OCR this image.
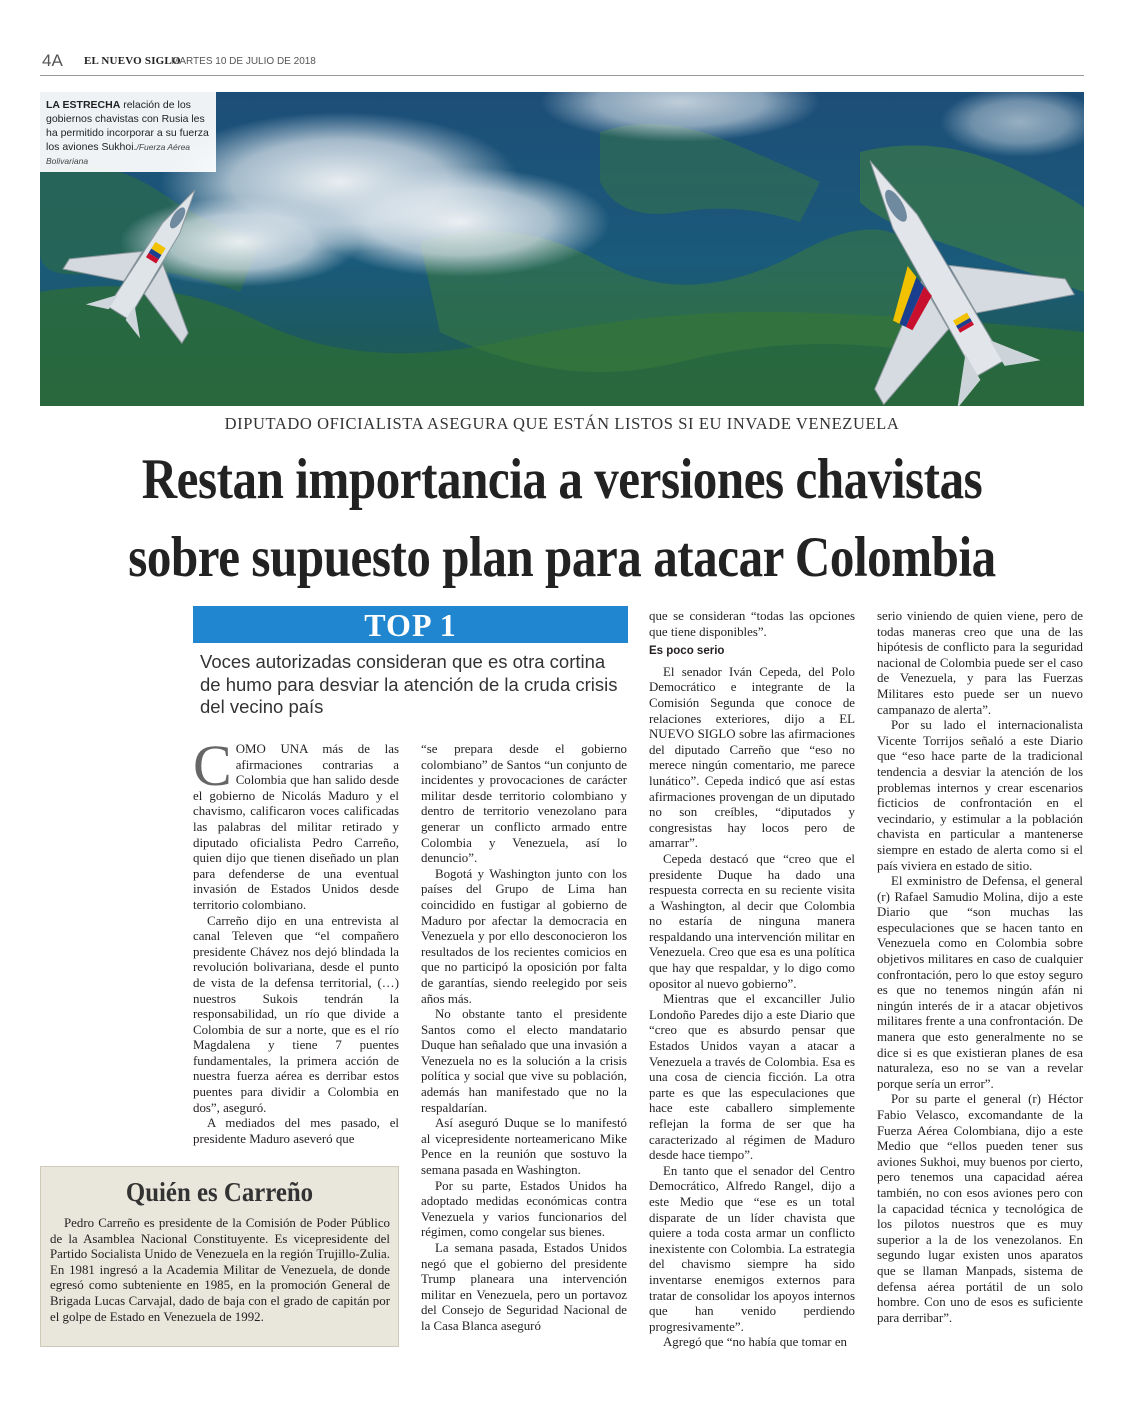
4A EL NUEVO SIGLO
MARTES 10 DE JULIO DE 2018
LA ESTRECHA relación de los gobiernos chavistas con Rusia les ha permitido incorporar a su fuerza los aviones Sukhoi./Fuerza Aérea Bolivariana
DIPUTADO OFICIALISTA ASEGURA QUE ESTÁN LISTOS SI EU INVADE VENEZUELA
Restan importancia a versiones chavistas
sobre supuesto plan para atacar Colombia
TOP 1
Voces autorizadas consideran que es otra cortina de humo para desviar la atención de la cruda crisis del vecino país

COMO UNA más de las afirmaciones contrarias a Colombia que han salido desde el gobierno de Nicolás Maduro y el chavismo, calificaron voces calificadas las palabras del militar retirado y diputado oficialista Pedro Carreño, quien dijo que tienen diseñado un plan para defenderse de una eventual invasión de Estados Unidos desde territorio colombiano.

Carreño dijo en una entrevista al canal Televen que “el compañero presidente Chávez nos dejó blindada la revolución bolivariana, desde el punto de vista de la defensa territorial, (…) nuestros Sukois tendrán la responsabilidad, un río que divide a Colombia de sur a norte, que es el río Magdalena y tiene 7 puentes fundamentales, la primera acción de nuestra fuerza aérea es derribar estos puentes para dividir a Colombia en dos”, aseguró.

A mediados del mes pasado, el presidente Maduro aseveró que

“se prepara desde el gobierno colombiano” de Santos “un conjunto de incidentes y provocaciones de carácter militar desde territorio colombiano y dentro de territorio venezolano para generar un conflicto armado entre Colombia y Venezuela, así lo denuncio”.

Bogotá y Washington junto con los países del Grupo de Lima han coincidido en fustigar al gobierno de Maduro por afectar la democracia en Venezuela y por ello desconocieron los resultados de los recientes comicios en que no participó la oposición por falta de garantías, siendo reelegido por seis años más.

No obstante tanto el presidente Santos como el electo mandatario Duque han señalado que una invasión a Venezuela no es la solución a la crisis política y social que vive su población, además han manifestado que no la respaldarían.

Así aseguró Duque se lo manifestó al vicepresidente norteamericano Mike Pence en la reunión que sostuvo la semana pasada en Washington.

Por su parte, Estados Unidos ha adoptado medidas económicas contra Venezuela y varios funcionarios del régimen, como congelar sus bienes.

La semana pasada, Estados Unidos negó que el gobierno del presidente Trump planeara una intervención militar en Venezuela, pero un portavoz del Consejo de Seguridad Nacional de la Casa Blanca aseguró

que se consideran “todas las opciones que tiene disponibles”.

Es poco serio

El senador Iván Cepeda, del Polo Democrático e integrante de la Comisión Segunda que conoce de relaciones exteriores, dijo a EL NUEVO SIGLO sobre las afirmaciones del diputado Carreño que “eso no merece ningún comentario, me parece lunático”. Cepeda indicó que así estas afirmaciones provengan de un diputado no son creíbles, “diputados y congresistas hay locos pero de amarrar”.

Cepeda destacó que “creo que el presidente Duque ha dado una respuesta correcta en su reciente visita a Washington, al decir que Colombia no estaría de ninguna manera respaldando una intervención militar en Venezuela. Creo que esa es una política que hay que respaldar, y lo digo como opositor al nuevo gobierno”.

Mientras que el excanciller Julio Londoño Paredes dijo a este Diario que “creo que es absurdo pensar que Estados Unidos vayan a atacar a Venezuela a través de Colombia. Esa es una cosa de ciencia ficción. La otra parte es que las especulaciones que hace este caballero simplemente reflejan la forma de ser que ha caracterizado al régimen de Maduro desde hace tiempo”.

En tanto que el senador del Centro Democrático, Alfredo Rangel, dijo a este Medio que “ese es un total disparate de un líder chavista que quiere a toda costa armar un conflicto inexistente con Colombia. La estrategia del chavismo siempre ha sido inventarse enemigos externos para tratar de consolidar los apoyos internos que han venido perdiendo progresivamente”.

Agregó que “no había que tomar en

serio viniendo de quien viene, pero de todas maneras creo que una de las hipótesis de conflicto para la seguridad nacional de Colombia puede ser el caso de Venezuela, y para las Fuerzas Militares esto puede ser un nuevo campanazo de alerta”.

Por su lado el internacionalista Vicente Torrijos señaló a este Diario que “eso hace parte de la tradicional tendencia a desviar la atención de los problemas internos y crear escenarios ficticios de confrontación en el vecindario, y estimular a la población chavista en particular a mantenerse siempre en estado de alerta como si el país viviera en estado de sitio.

El exministro de Defensa, el general (r) Rafael Samudio Molina, dijo a este Diario que “son muchas las especulaciones que se hacen tanto en Venezuela como en Colombia sobre objetivos militares en caso de cualquier confrontación, pero lo que estoy seguro es que no tenemos ningún afán ni ningún interés de ir a atacar objetivos militares frente a una confrontación. De manera que esto generalmente no se dice si es que existieran planes de esa naturaleza, eso no se van a revelar porque sería un error”.

Por su parte el general (r) Héctor Fabio Velasco, excomandante de la Fuerza Aérea Colombiana, dijo a este Medio que “ellos pueden tener sus aviones Sukhoi, muy buenos por cierto, pero tenemos una capacidad aérea también, no con esos aviones pero con la capacidad técnica y tecnológica de los pilotos nuestros que es muy superior a la de los venezolanos. En segundo lugar existen unos aparatos que se llaman Manpads, sistema de defensa aérea portátil de un solo hombre. Con uno de esos es suficiente para derribar”.

Quién es Carreño
Pedro Carreño es presidente de la Comisión de Poder Público de la Asamblea Nacional Constituyente. Es vicepresidente del Partido Socialista Unido de Venezuela en la región Trujillo-Zulia. En 1981 ingresó a la Academia Militar de Venezuela, de donde egresó como subteniente en 1985, en la promoción General de Brigada Lucas Carvajal, dado de baja con el grado de capitán por el golpe de Estado en Venezuela de 1992.
